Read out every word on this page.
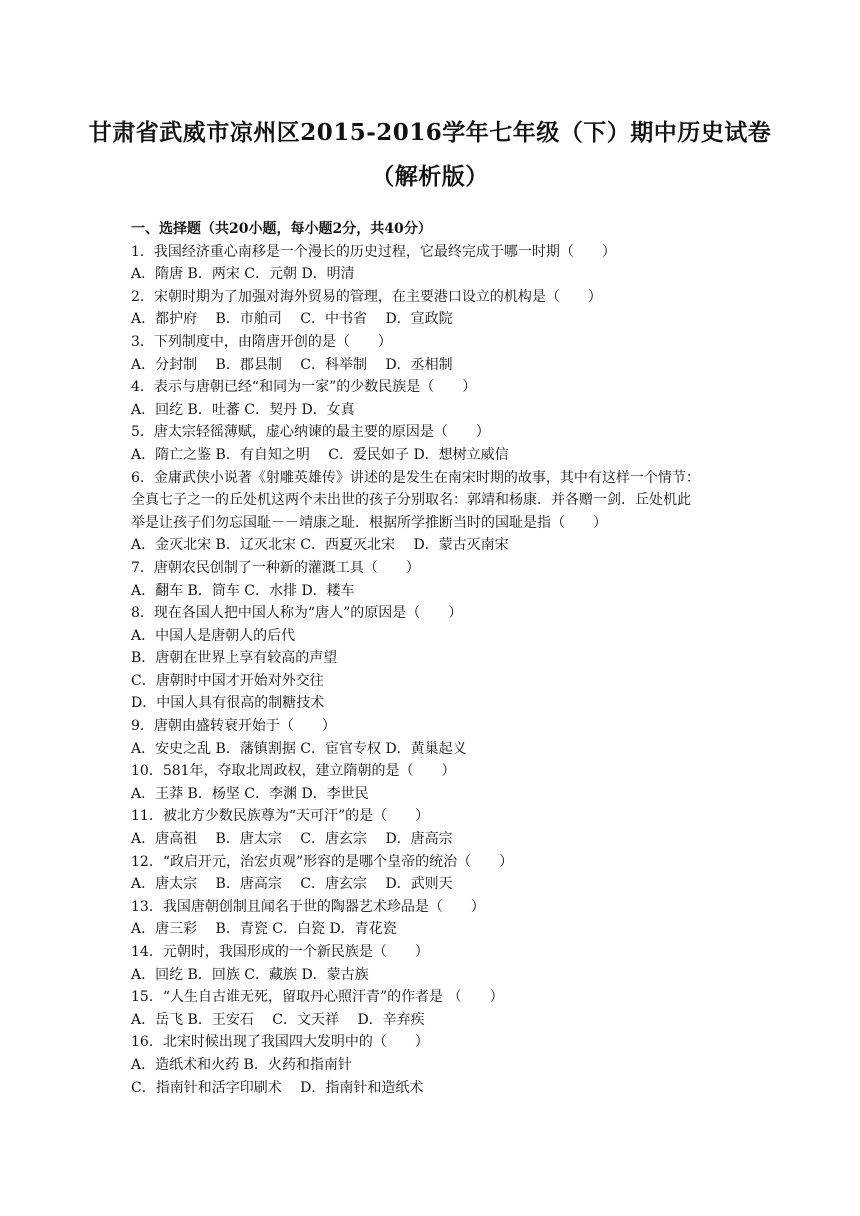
甘肃省武威市凉州区2015-2016学年七年级（下）期中历史试卷
（解析版）
一、选择题（共20小题，每小题2分，共40分）
1．我国经济重心南移是一个漫长的历史过程，它最终完成于哪一时期（　　）
A．隋唐 B．两宋 C．元朝 D．明清
2．宋朝时期为了加强对海外贸易的管理，在主要港口设立的机构是（　　）
A．都护府　 B．市舶司　 C．中书省　 D．宣政院
3．下列制度中，由隋唐开创的是（　　）
A．分封制　 B．郡县制　 C．科举制　 D．丞相制
4．表示与唐朝已经“和同为一家”的少数民族是（　　）
A．回纥 B．吐蕃 C．契丹 D．女真
5．唐太宗轻徭薄赋，虚心纳谏的最主要的原因是（　　）
A．隋亡之鉴 B．有自知之明　 C．爱民如子 D．想树立威信
6．金庸武侠小说著《射雕英雄传》讲述的是发生在南宋时期的故事，其中有这样一个情节：
全真七子之一的丘处机这两个未出世的孩子分别取名：郭靖和杨康．并各赠一剑．丘处机此
举是让孩子们勿忘国耻－－靖康之耻．根据所学推断当时的国耻是指（　　）
A．金灭北宋 B．辽灭北宋 C．西夏灭北宋　 D．蒙古灭南宋
7．唐朝农民创制了一种新的灌溉工具（　　）
A．翻车 B．筒车 C．水排 D．耧车
8．现在各国人把中国人称为“唐人”的原因是（　　）
A．中国人是唐朝人的后代
B．唐朝在世界上享有较高的声望
C．唐朝时中国才开始对外交往
D．中国人具有很高的制糖技术
9．唐朝由盛转衰开始于（　　）
A．安史之乱 B．藩镇割据 C．宦官专权 D．黄巢起义
10．581年，夺取北周政权，建立隋朝的是（　　）
A．王莽 B．杨坚 C．李渊 D．李世民
11．被北方少数民族尊为“天可汗”的是（　　）
A．唐高祖　 B．唐太宗　 C．唐玄宗　 D．唐高宗
12．“政启开元，治宏贞观”形容的是哪个皇帝的统治（　　）
A．唐太宗　 B．唐高宗　 C．唐玄宗　 D．武则天
13．我国唐朝创制且闻名于世的陶器艺术珍品是（　　）
A．唐三彩　 B．青瓷 C．白瓷 D．青花瓷
14．元朝时，我国形成的一个新民族是（　　）
A．回纥 B．回族 C．藏族 D．蒙古族
15．“人生自古谁无死，留取丹心照汗青”的作者是 （　　）
A．岳飞 B．王安石　 C．文天祥　 D．辛弃疾
16．北宋时候出现了我国四大发明中的（　　）
A．造纸术和火药 B．火药和指南针
C．指南针和活字印刷术　 D．指南针和造纸术
